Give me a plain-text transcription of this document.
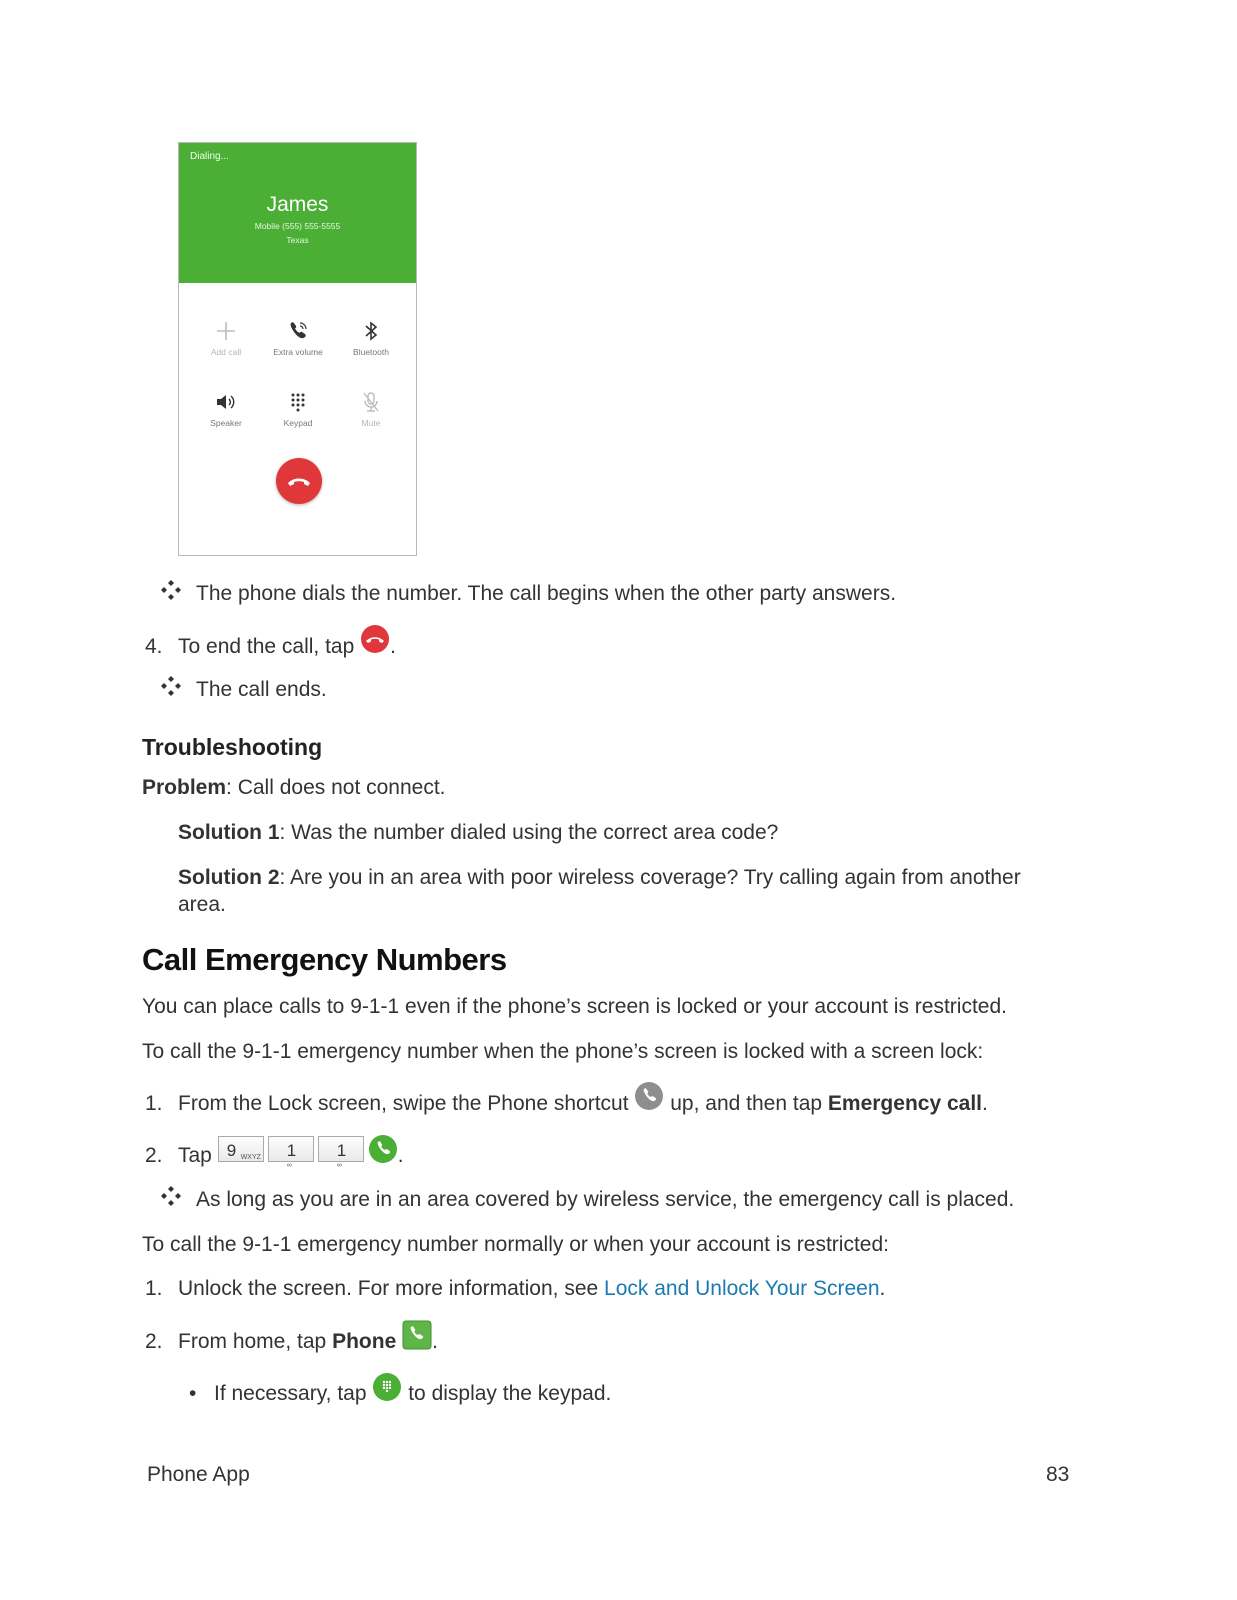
Dialing...
James
Mobile (555) 555-5555
Texas
Add call	Extra volume	Bluetooth
Speaker	Keypad	Mute
The phone dials the number. The call begins when the other party answers.
4. To end the call, tap .
The call ends.
Troubleshooting
Problem: Call does not connect.
Solution 1: Was the number dialed using the correct area code?
Solution 2: Are you in an area with poor wireless coverage? Try calling again from another
area.
Call Emergency Numbers
You can place calls to 9-1-1 even if the phone’s screen is locked or your account is restricted.
To call the 9-1-1 emergency number when the phone’s screen is locked with a screen lock:
1. From the Lock screen, swipe the Phone shortcut up, and then tap Emergency call.
2. Tap 9 WXYZ 1
∞
1
∞	.
As long as you are in an area covered by wireless service, the emergency call is placed.
To call the 9-1-1 emergency number normally or when your account is restricted:
1. Unlock the screen. For more information, see Lock and Unlock Your Screen.
2. From home, tap Phone .
• If necessary, tap to display the keypad.
Phone App	83
